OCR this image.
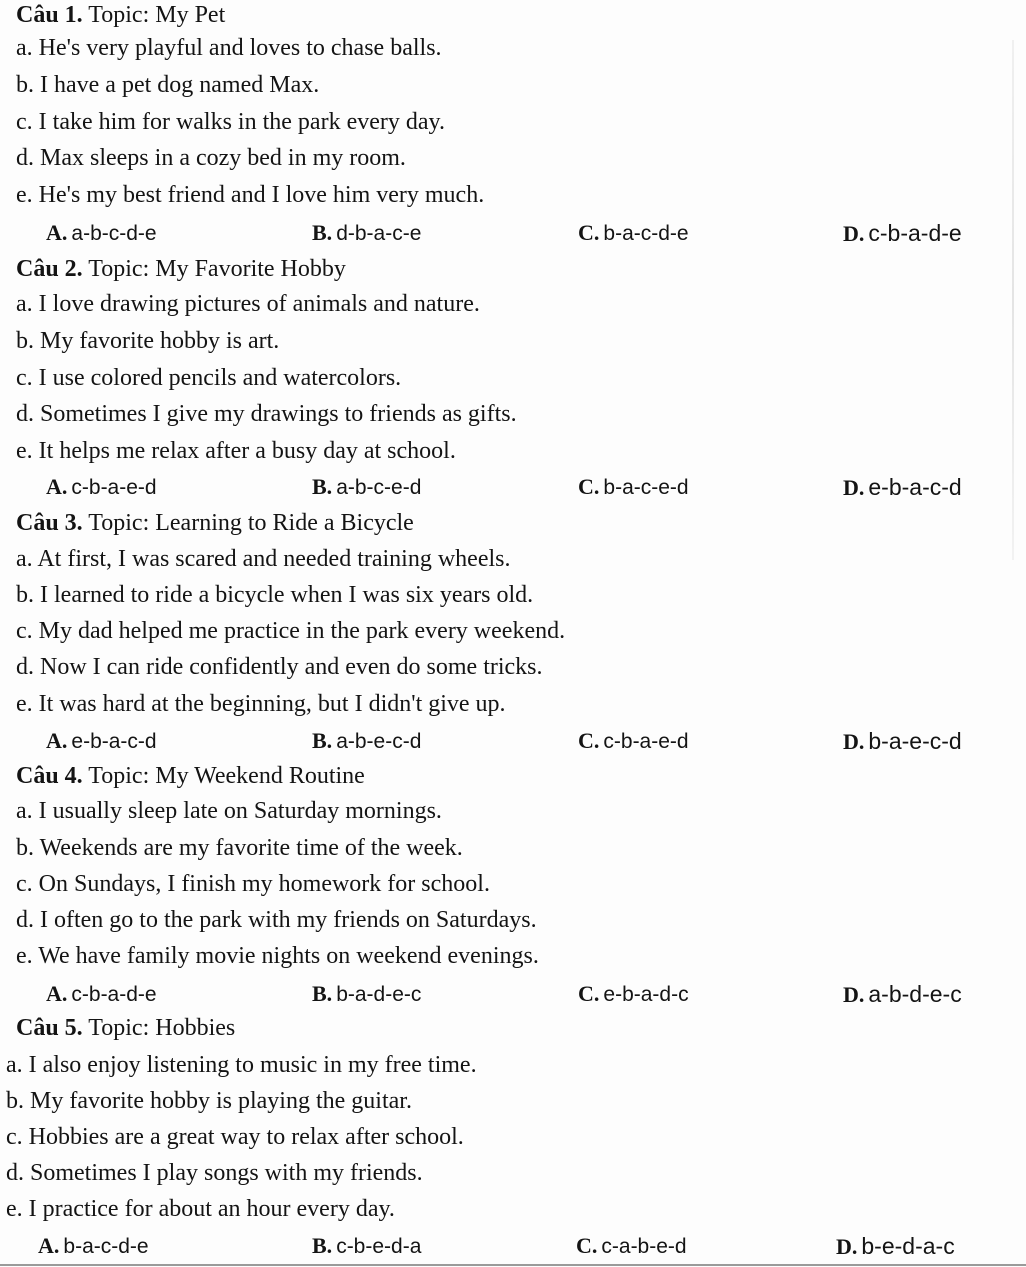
Câu 1. Topic: My Pet
a. He's very playful and loves to chase balls.
b. I have a pet dog named Max.
c. I take him for walks in the park every day.
d. Max sleeps in a cozy bed in my room.
e. He's my best friend and I love him very much.
A. a-b-c-d-e	B. d-b-a-c-e	C. b-a-c-d-e	D. c-b-a-d-e
Câu 2. Topic: My Favorite Hobby
a. I love drawing pictures of animals and nature.
b. My favorite hobby is art.
c. I use colored pencils and watercolors.
d. Sometimes I give my drawings to friends as gifts.
e. It helps me relax after a busy day at school.
A. c-b-a-e-d	B. a-b-c-e-d	C. b-a-c-e-d	D. e-b-a-c-d
Câu 3. Topic: Learning to Ride a Bicycle
a. At first, I was scared and needed training wheels.
b. I learned to ride a bicycle when I was six years old.
c. My dad helped me practice in the park every weekend.
d. Now I can ride confidently and even do some tricks.
e. It was hard at the beginning, but I didn't give up.
A. e-b-a-c-d	B. a-b-e-c-d	C. c-b-a-e-d	D. b-a-e-c-d
Câu 4. Topic: My Weekend Routine
a. I usually sleep late on Saturday mornings.
b. Weekends are my favorite time of the week.
c. On Sundays, I finish my homework for school.
d. I often go to the park with my friends on Saturdays.
e. We have family movie nights on weekend evenings.
A. c-b-a-d-e	B. b-a-d-e-c	C. e-b-a-d-c	D. a-b-d-e-c
Câu 5. Topic: Hobbies
a. I also enjoy listening to music in my free time.
b. My favorite hobby is playing the guitar.
c. Hobbies are a great way to relax after school.
d. Sometimes I play songs with my friends.
e. I practice for about an hour every day.
A. b-a-c-d-e	B. c-b-e-d-a	C. c-a-b-e-d	D. b-e-d-a-c
